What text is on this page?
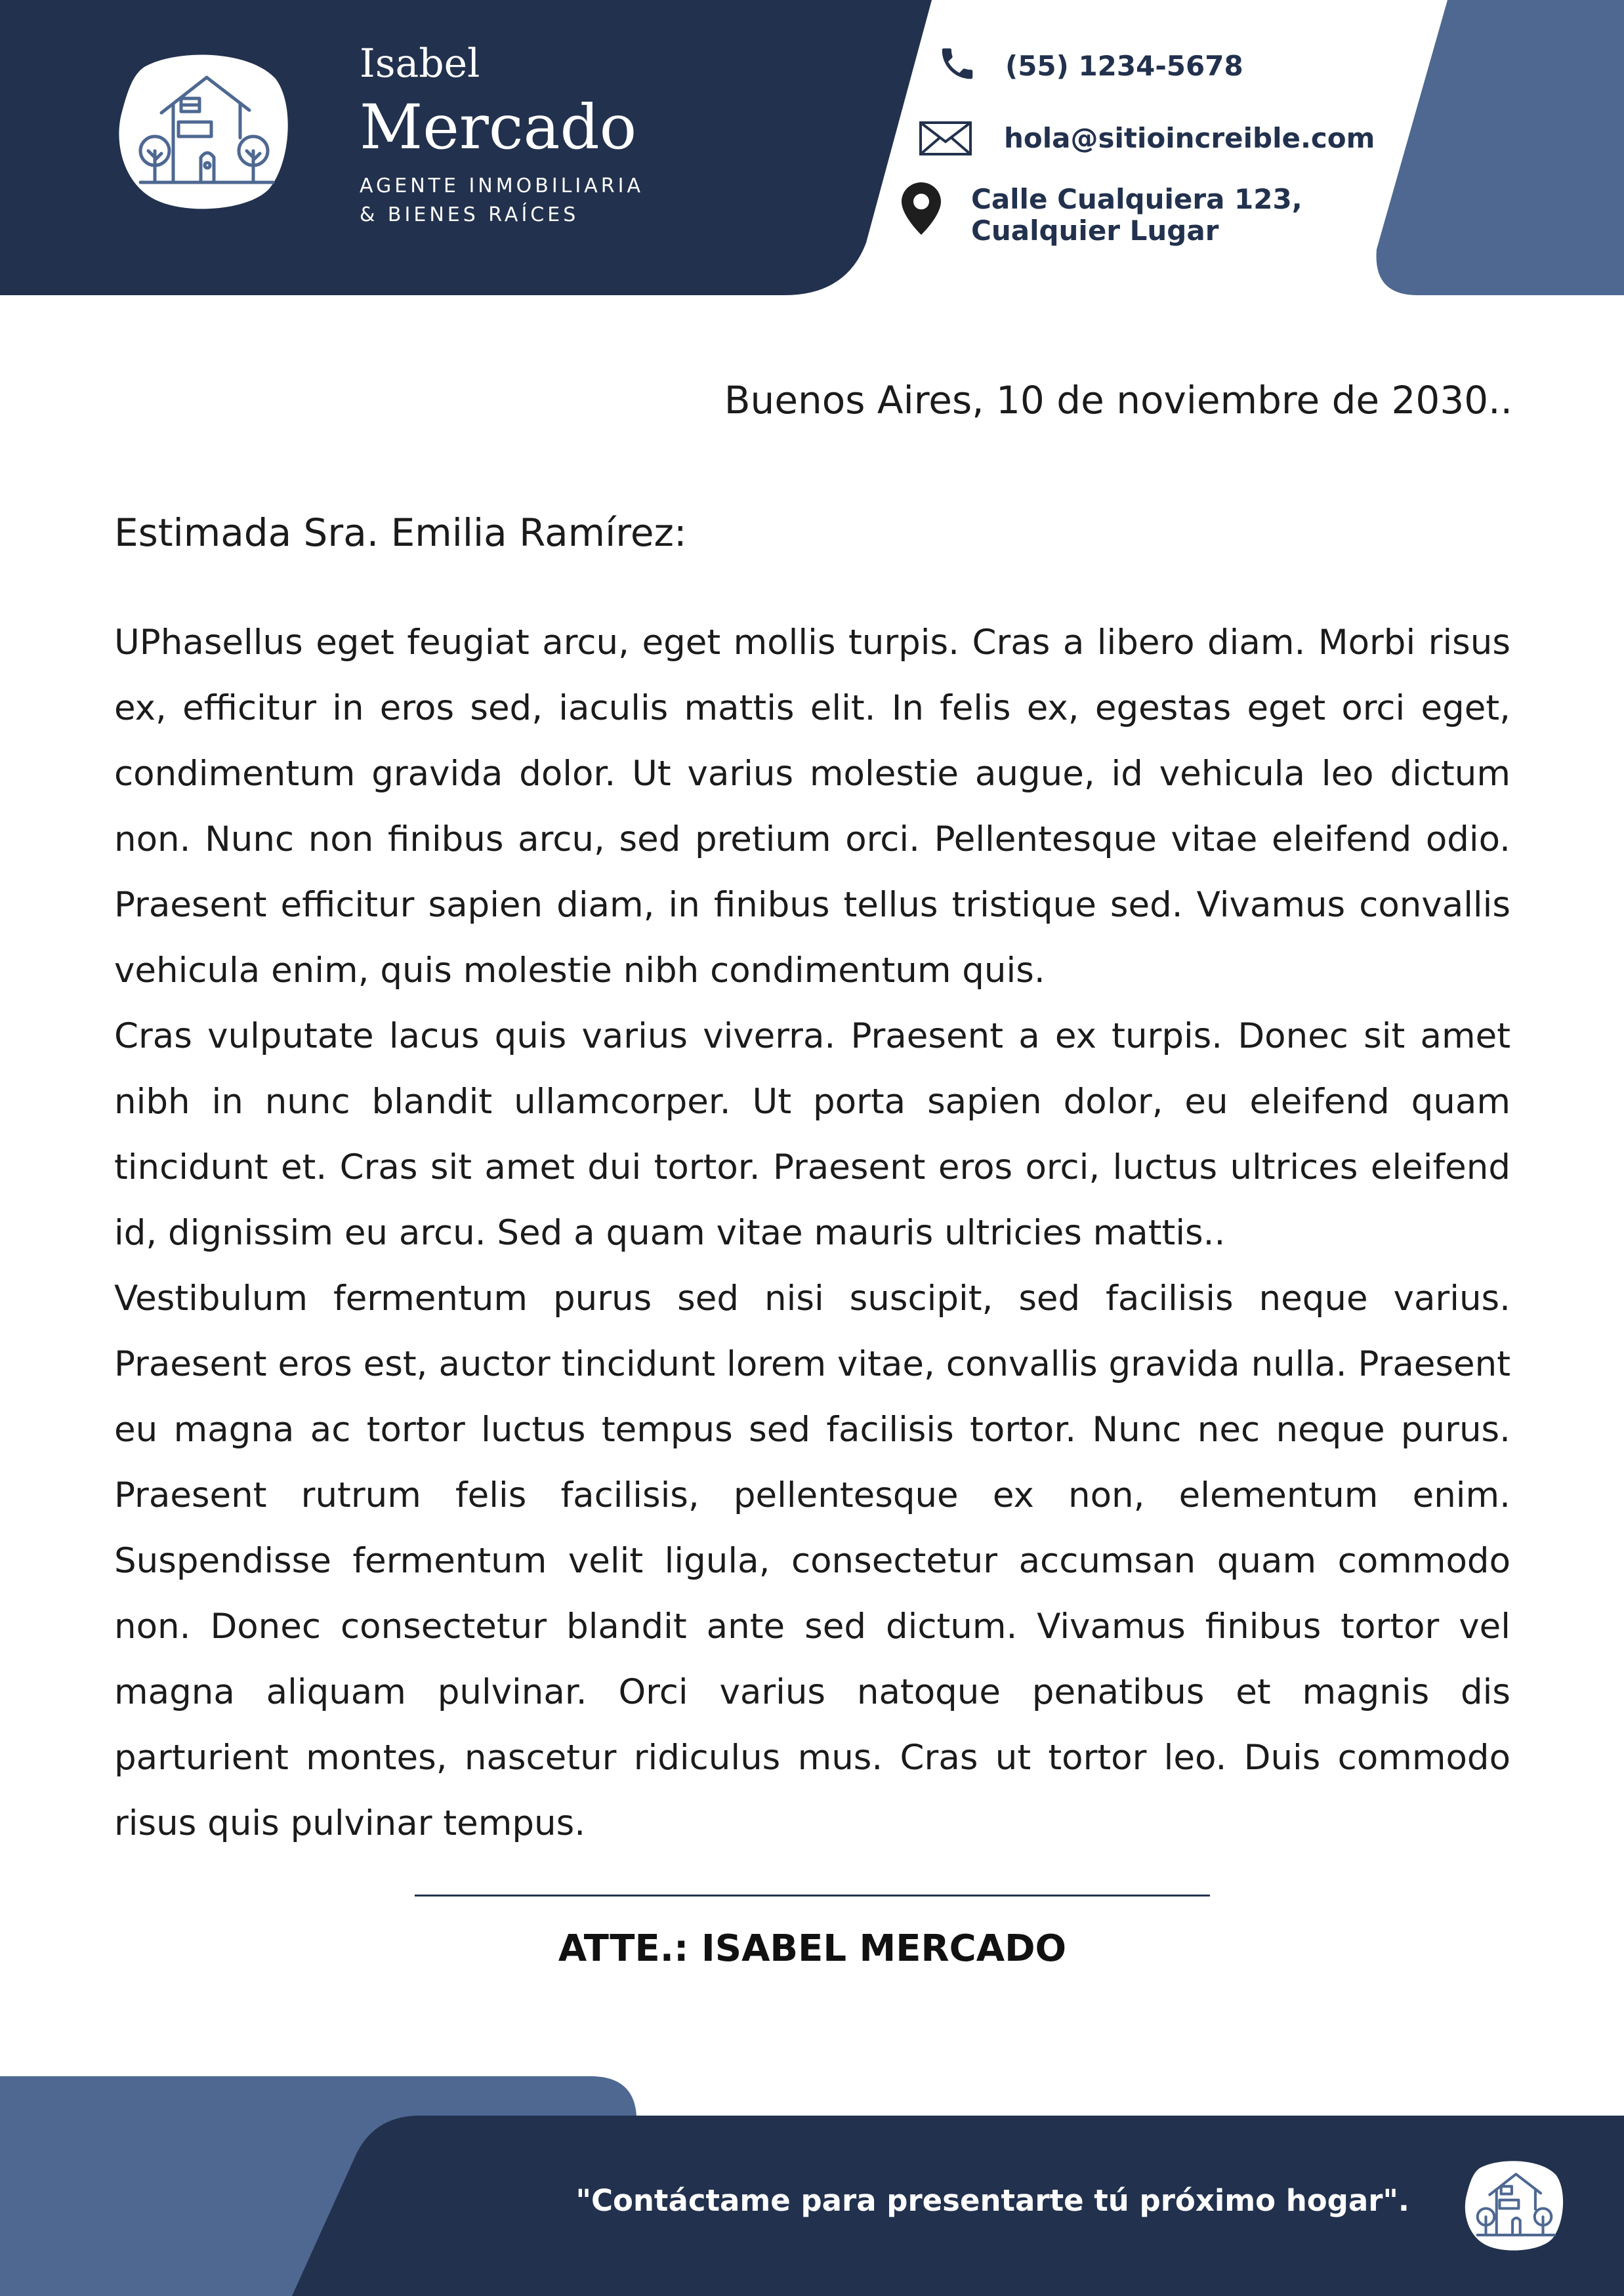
Isabel
Mercado
AGENTE INMOBILIARIA
& BIENES RAÍCES
(55) 1234-5678
hola@sitioincreible.com
Calle Cualquiera 123,
Cualquier Lugar
Buenos Aires, 10 de noviembre de 2030..
Estimada Sra. Emilia Ramírez:

UPhasellus eget feugiat arcu, eget mollis turpis. Cras a libero diam. Morbi risus ex, efficitur in eros sed, iaculis mattis elit. In felis ex, egestas eget orci eget, condimentum gravida dolor. Ut varius molestie augue, id vehicula leo dictum non. Nunc non finibus arcu, sed pretium orci. Pellentesque vitae eleifend odio. Praesent efficitur sapien diam, in finibus tellus tristique sed. Vivamus convallis vehicula enim, quis molestie nibh condimentum quis.

Cras vulputate lacus quis varius viverra. Praesent a ex turpis. Donec sit amet nibh in nunc blandit ullamcorper. Ut porta sapien dolor, eu eleifend quam tincidunt et. Cras sit amet dui tortor. Praesent eros orci, luctus ultrices eleifend id, dignissim eu arcu. Sed a quam vitae mauris ultricies mattis..

Vestibulum fermentum purus sed nisi suscipit, sed facilisis neque varius. Praesent eros est, auctor tincidunt lorem vitae, convallis gravida nulla. Praesent eu magna ac tortor luctus tempus sed facilisis tortor. Nunc nec neque purus. Praesent rutrum felis facilisis, pellentesque ex non, elementum enim. Suspendisse fermentum velit ligula, consectetur accumsan quam commodo non. Donec consectetur blandit ante sed dictum. Vivamus finibus tortor vel magna aliquam pulvinar. Orci varius natoque penatibus et magnis dis parturient montes, nascetur ridiculus mus. Cras ut tortor leo. Duis commodo risus quis pulvinar tempus.

ATTE.: ISABEL MERCADO
"Contáctame para presentarte tú próximo hogar".
